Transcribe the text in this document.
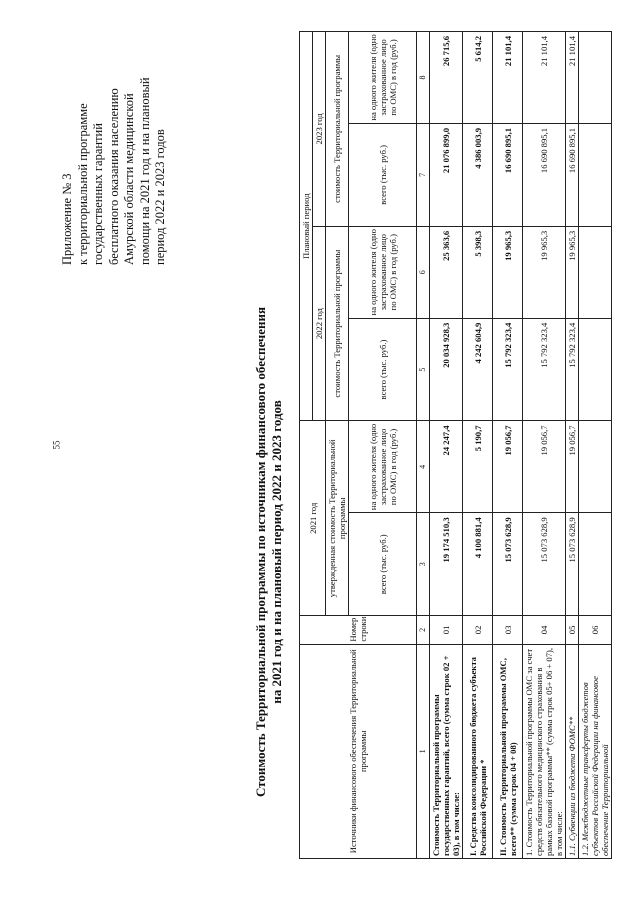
55
Приложение № 3 к территориальной программе государственных гарантий бесплатного оказания населению Амурской области медицинской помощи на 2021 год и на плановый период 2022 и 2023 годов
Стоимость Территориальной программы по источникам финансового обеспечения на 2021 год и на плановый период 2022 и 2023 годов
Источники финансового обеспечения Территориальной программы	Номер строки	2021 год		Плановый период			
				2022 год		2023 год	
		утвержденная стоимость Территориальной программы		стоимость Территориальной программы		стоимость Территориальной программы	
		всего (тыс. руб.)	на одного жителя (одно застрахованное лицо по ОМС) в год (руб.)	всего (тыс. руб.)	на одного жителя (одно застрахованное лицо по ОМС) в год (руб.)	всего (тыс. руб.)	на одного жителя (одно застрахованное лицо по ОМС) в год (руб.)
1	2	3	4	5	6	7	8
Стоимость Территориальной программы государственных гарантий, всего (сумма строк 02 + 03), в том числе:	01	19 174 510,3	24 247,4	20 034 928,3	25 363,6	21 076 899,0	26 715,6
I. Средства консолидированного бюджета субъекта Российской Федерации *	02	4 100 881,4	5 190,7	4 242 604,9	5 398,3	4 386 003,9	5 614,2
II. Стоимость Территориальной программы ОМС, всего** (сумма строк 04 + 08)	03	15 073 628,9	19 056,7	15 792 323,4	19 965,3	16 690 895,1	21 101,4
1. Стоимость Территориальной программы ОМС за счет средств обязательного медицинского страхования в рамках базовой программы** (сумма строк 05+ 06 + 07), в том числе:	04	15 073 628,9	19 056,7	15 792 323,4	19 965,3	16 690 895,1	21 101,4
1.1. Субвенции из бюджета ФОМС**	05	15 073 628,9	19 056,7	15 792 323,4	19 965,3	16 690 895,1	21 101,4
1.2. Межбюджетные трансферты бюджетов субъектов Российской Федерации на финансовое обеспечение Территориальной	06						
